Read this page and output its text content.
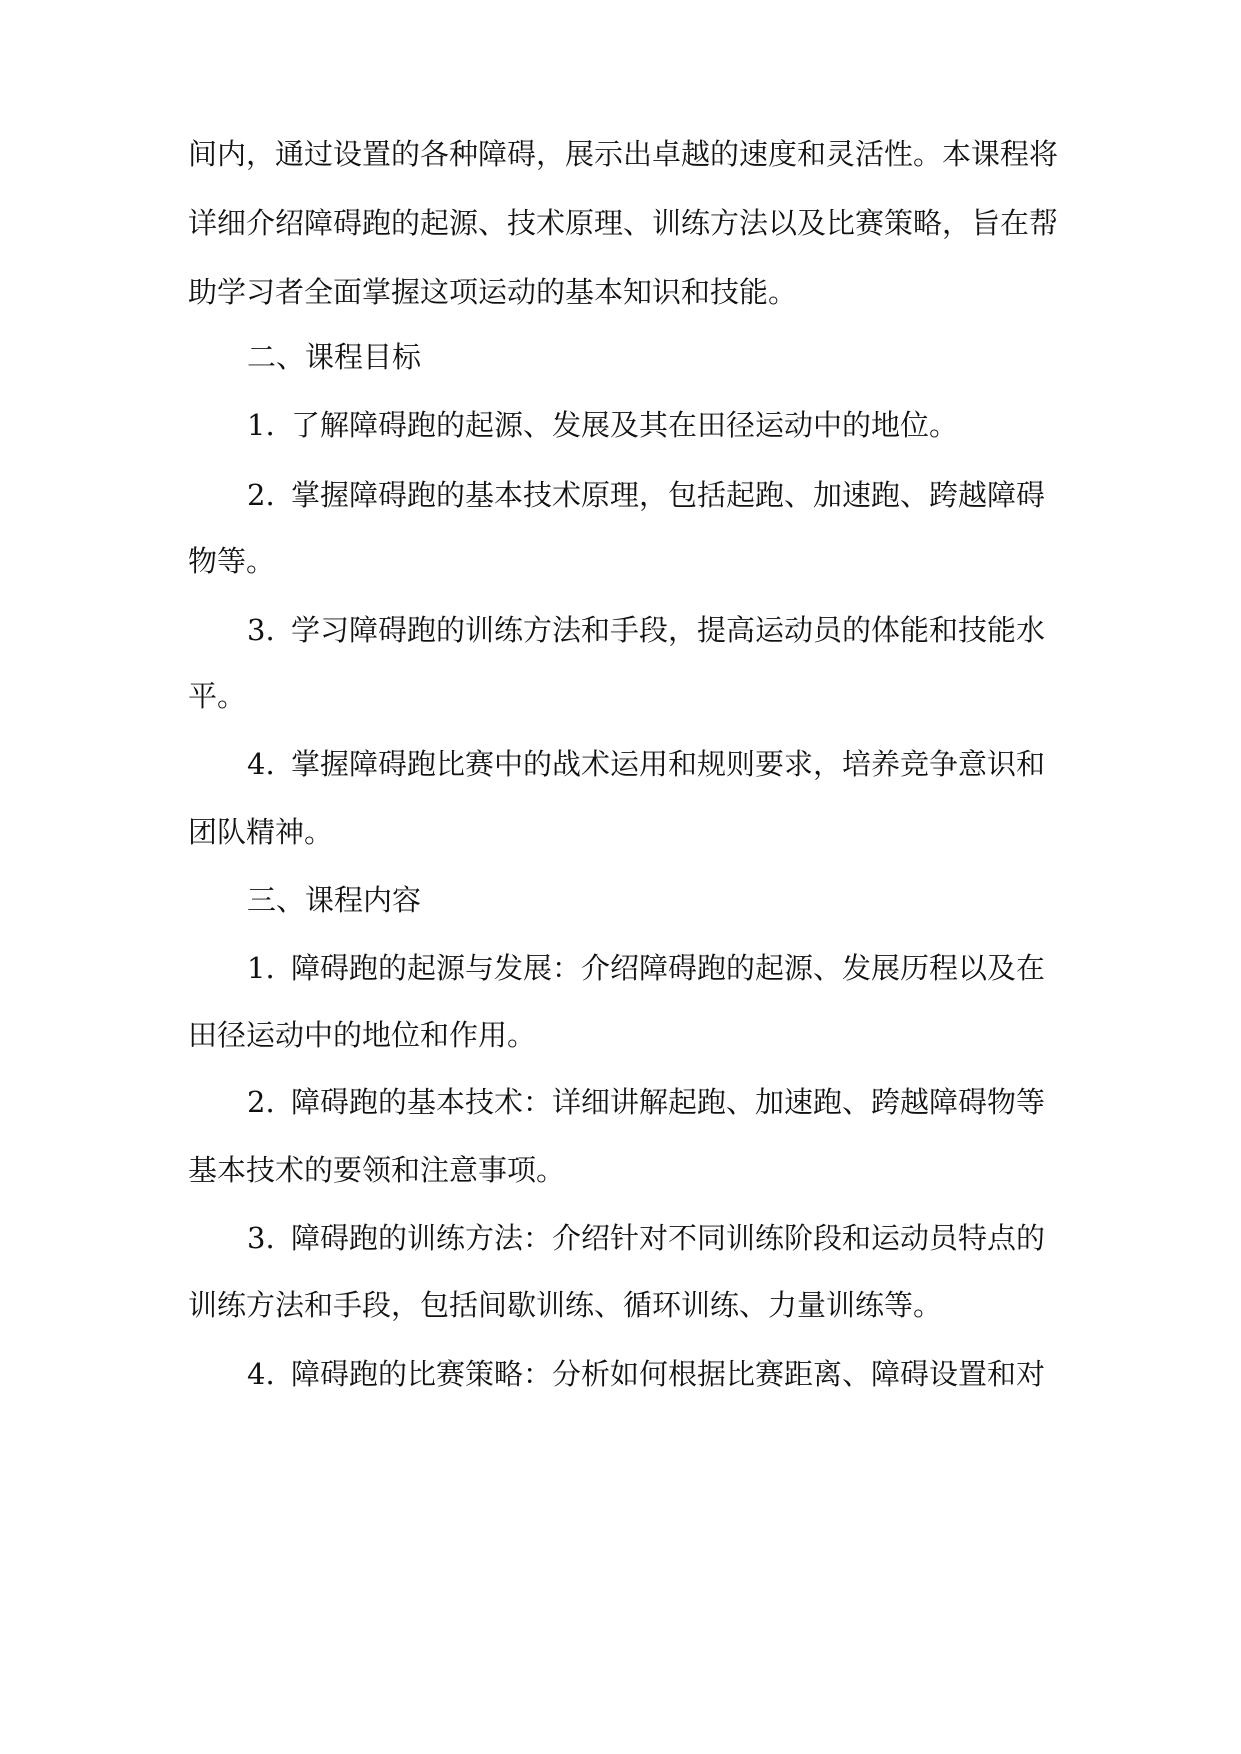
间内，通过设置的各种障碍，展示出卓越的速度和灵活性。本课程将

详细介绍障碍跑的起源、技术原理、训练方法以及比赛策略，旨在帮

助学习者全面掌握这项运动的基本知识和技能。

二、课程目标

1. 了解障碍跑的起源、发展及其在田径运动中的地位。

2. 掌握障碍跑的基本技术原理，包括起跑、加速跑、跨越障碍

物等。

3. 学习障碍跑的训练方法和手段，提高运动员的体能和技能水

平。

4. 掌握障碍跑比赛中的战术运用和规则要求，培养竞争意识和

团队精神。

三、课程内容

1. 障碍跑的起源与发展：介绍障碍跑的起源、发展历程以及在

田径运动中的地位和作用。

2. 障碍跑的基本技术：详细讲解起跑、加速跑、跨越障碍物等

基本技术的要领和注意事项。

3. 障碍跑的训练方法：介绍针对不同训练阶段和运动员特点的

训练方法和手段，包括间歇训练、循环训练、力量训练等。

4. 障碍跑的比赛策略：分析如何根据比赛距离、障碍设置和对
